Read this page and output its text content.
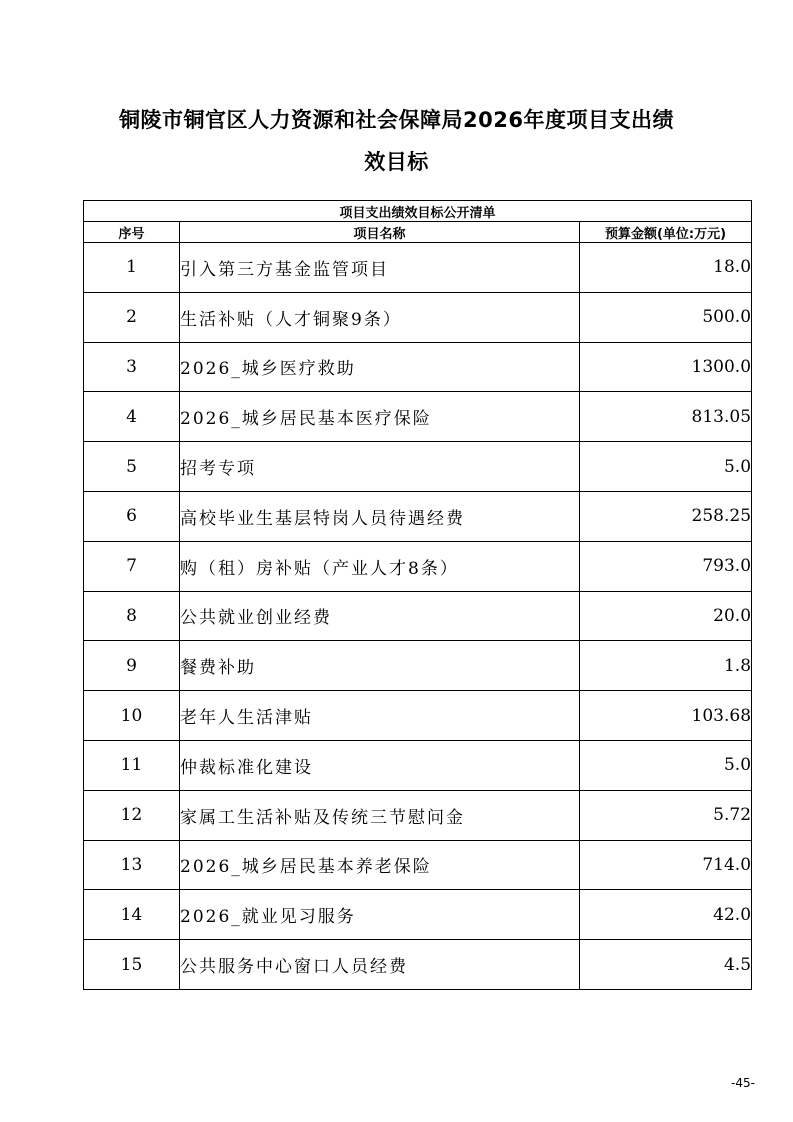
铜陵市铜官区人力资源和社会保障局2026年度项目支出绩
效目标
项目支出绩效目标公开清单		
序号	项目名称	预算金额(单位:万元)
1	引入第三方基金监管项目	18.0
2	生活补贴（人才铜聚9条）	500.0
3	2026_城乡医疗救助	1300.0
4	2026_城乡居民基本医疗保险	813.05
5	招考专项	5.0
6	高校毕业生基层特岗人员待遇经费	258.25
7	购（租）房补贴（产业人才8条）	793.0
8	公共就业创业经费	20.0
9	餐费补助	1.8
10	老年人生活津贴	103.68
11	仲裁标准化建设	5.0
12	家属工生活补贴及传统三节慰问金	5.72
13	2026_城乡居民基本养老保险	714.0
14	2026_就业见习服务	42.0
15	公共服务中心窗口人员经费	4.5
-45-
